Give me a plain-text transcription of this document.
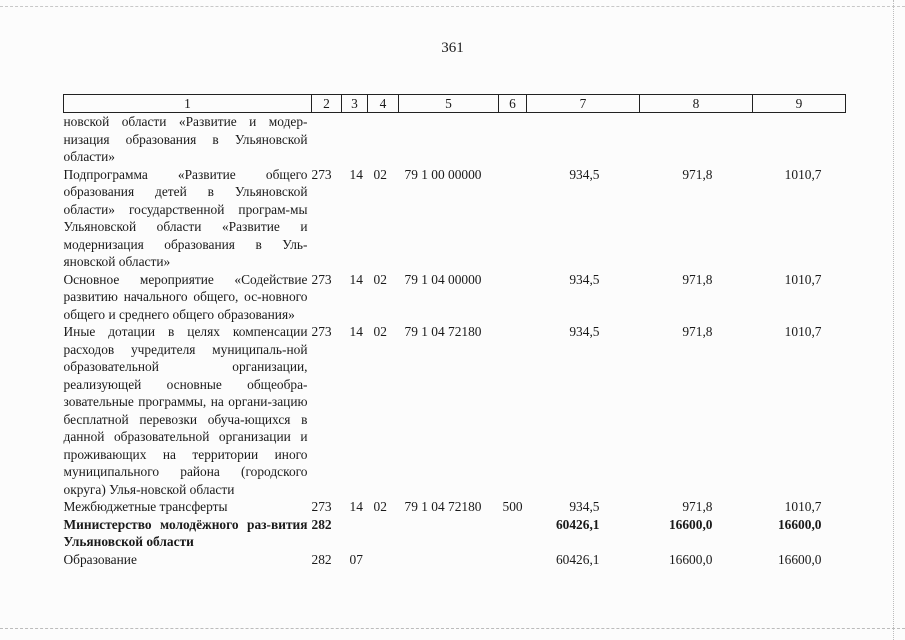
361
1	2	3	4	5	6	7	8	9
новской области «Развитие и модер-низация образования в Ульяновской области»								
Подпрограмма «Развитие общего образования детей в Ульяновской области» государственной програм-мы Ульяновской области «Развитие и модернизация образования в Уль-яновской области»	273	14	02	79 1 00 00000		934,5	971,8	1010,7
Основное мероприятие «Содействие развитию начального общего, ос-новного общего и среднего общего образования»	273	14	02	79 1 04 00000		934,5	971,8	1010,7
Иные дотации в целях компенсации расходов учредителя муниципаль-ной образовательной организации, реализующей основные общеобра-зовательные программы, на органи-зацию бесплатной перевозки обуча-ющихся в данной образовательной организации и проживающих на территории иного муниципального района (городского округа) Улья-новской области	273	14	02	79 1 04 72180		934,5	971,8	1010,7
Межбюджетные трансферты	273	14	02	79 1 04 72180	500	934,5	971,8	1010,7
Министерство молодёжного раз-вития Ульяновской области	282					60426,1	16600,0	16600,0
Образование	282	07				60426,1	16600,0	16600,0
